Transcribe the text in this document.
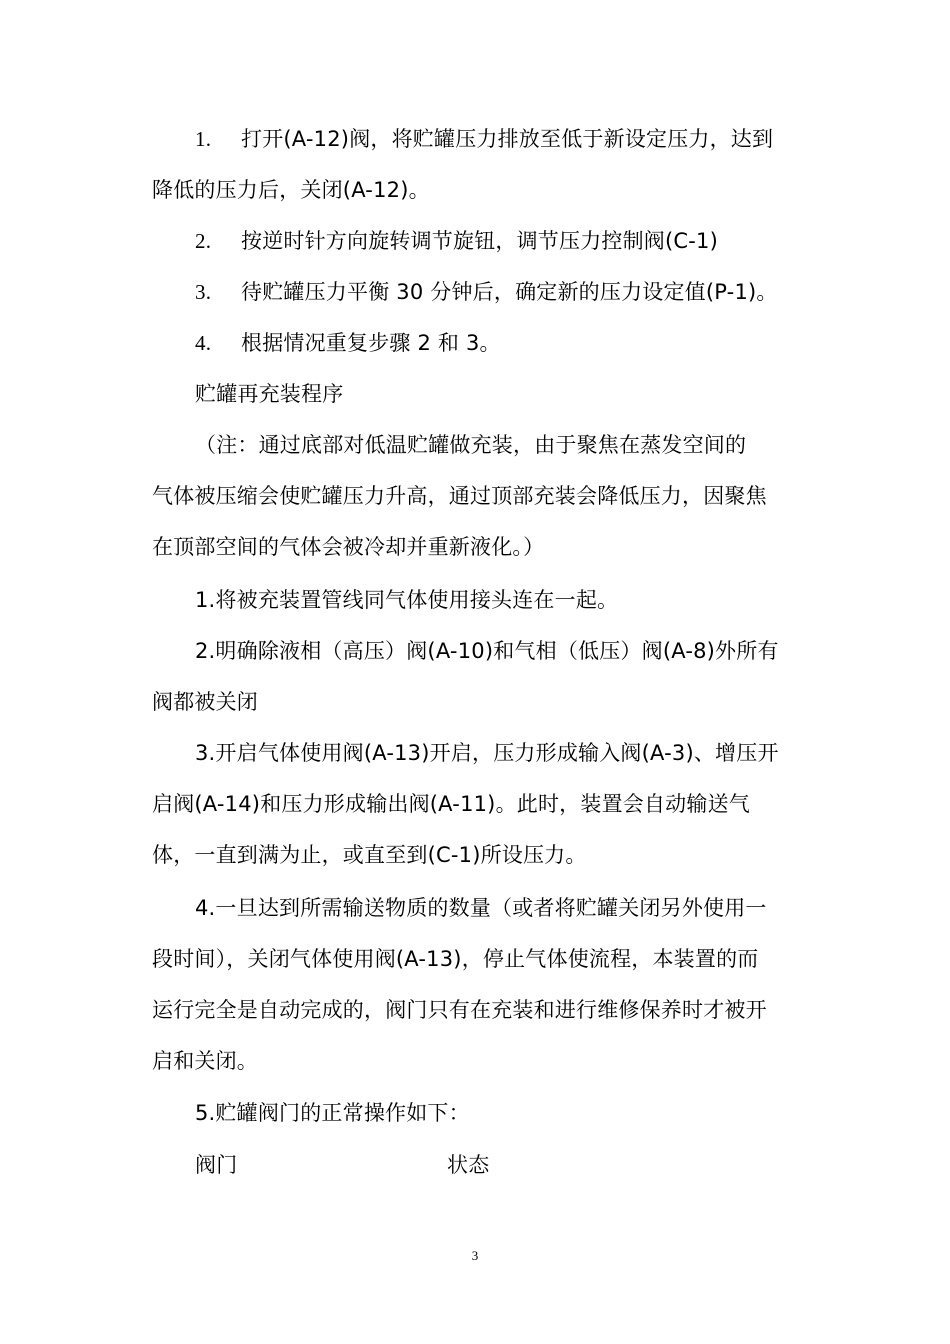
1. 打开(A-12)阀，将贮罐压力排放至低于新设定压力，达到
降低的压力后，关闭(A-12)。
2. 按逆时针方向旋转调节旋钮，调节压力控制阀(C-1)
3. 待贮罐压力平衡 30 分钟后，确定新的压力设定值(P-1)。
4. 根据情况重复步骤 2 和 3。
贮罐再充装程序
（注：通过底部对低温贮罐做充装，由于聚焦在蒸发空间的
气体被压缩会使贮罐压力升高，通过顶部充装会降低压力，因聚焦
在顶部空间的气体会被冷却并重新液化。）
1.将被充装置管线同气体使用接头连在一起。
2.明确除液相（高压）阀(A-10)和气相（低压）阀(A-8)外所有
阀都被关闭
3.开启气体使用阀(A-13)开启，压力形成输入阀(A-3)、增压开
启阀(A-14)和压力形成输出阀(A-11)。此时，装置会自动输送气
体，一直到满为止，或直至到(C-1)所设压力。
4.一旦达到所需输送物质的数量（或者将贮罐关闭另外使用一
段时间），关闭气体使用阀(A-13)，停止气体使流程，本装置的而
运行完全是自动完成的，阀门只有在充装和进行维修保养时才被开
启和关闭。
5.贮罐阀门的正常操作如下：
阀门	状态
3
